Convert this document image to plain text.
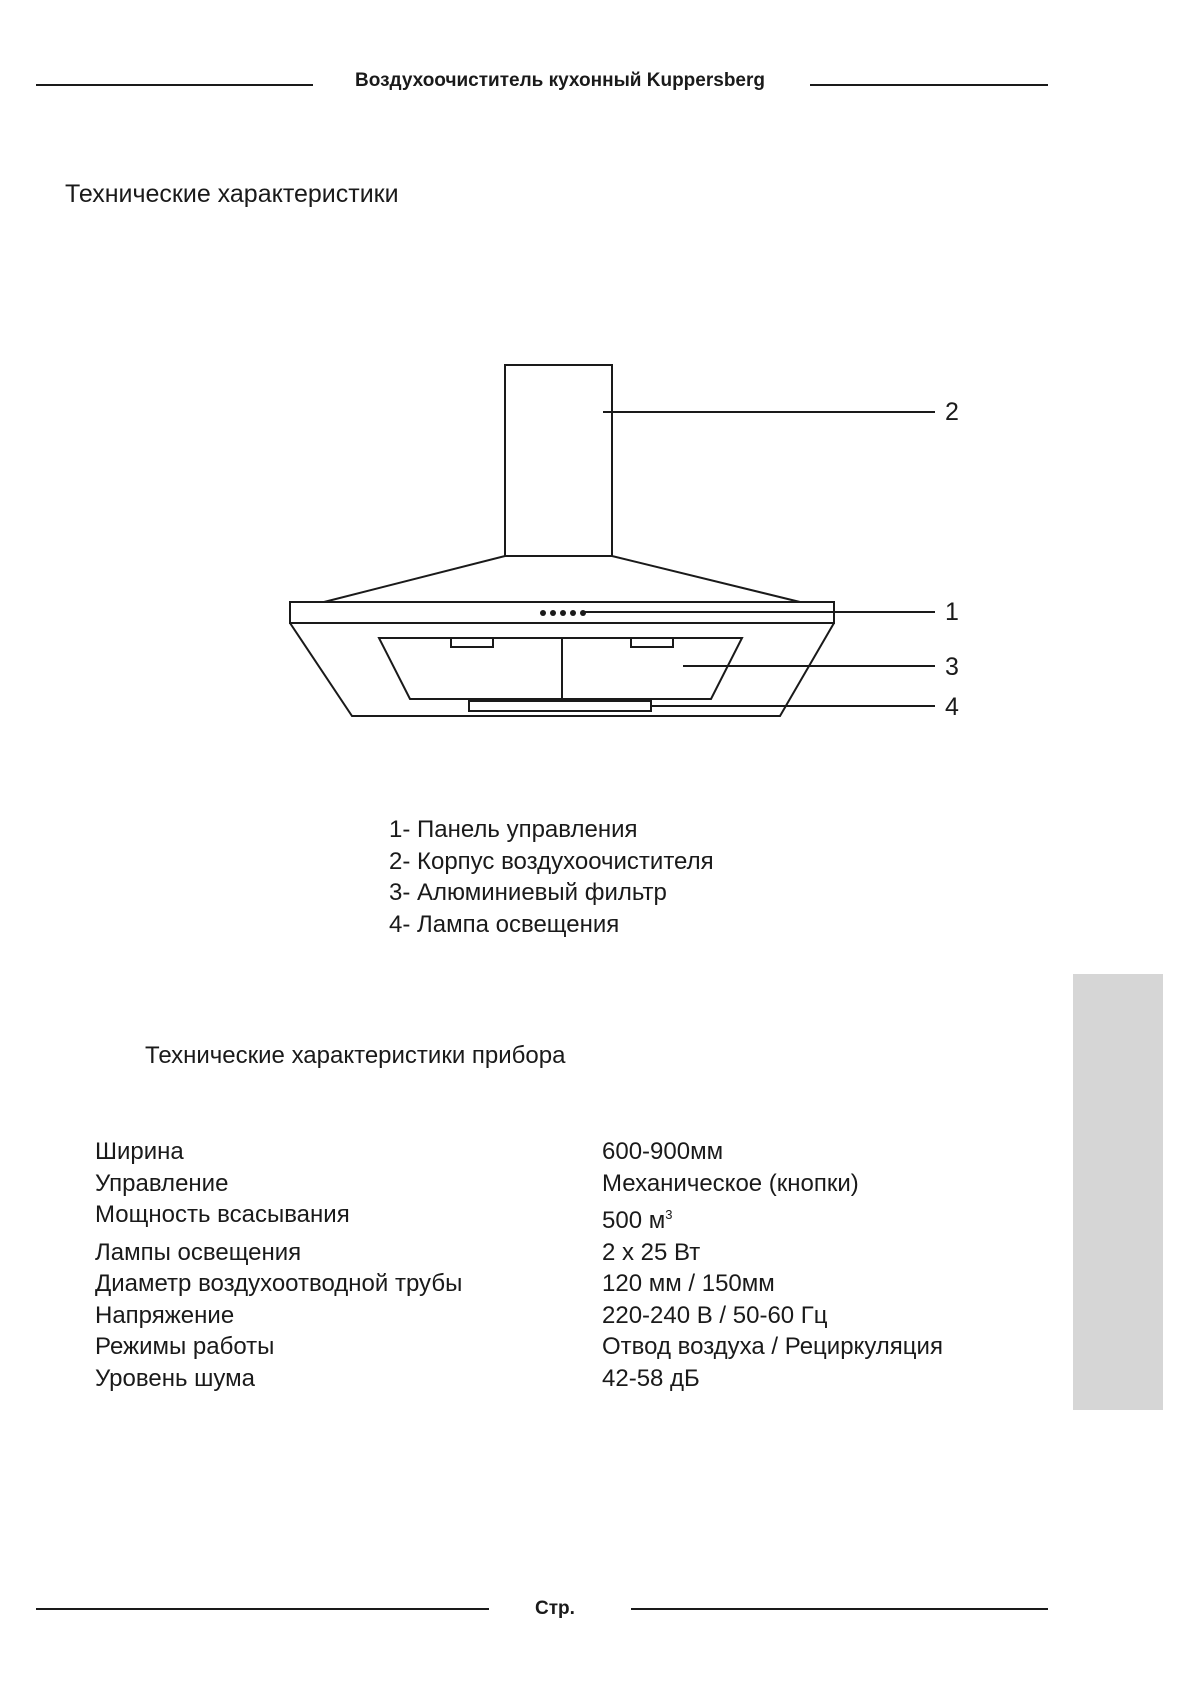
Воздухоочиститель кухонный Kuppersberg
Технические характеристики
2
1
3
4
1- Панель управления
2- Корпус воздухоочистителя
3- Алюминиевый фильтр
4- Лампа освещения
Технические характеристики прибора
Ширина	600-900мм
Управление	Механическое (кнопки)
Мощность всасывания	500 $м^3$
Лампы освещения	2 х 25 Вт
Диаметр воздухоотводной трубы	120 мм / 150мм
Напряжение	220-240 В / 50-60 Гц
Режимы работы	Отвод воздуха / Рециркуляция
Уровень шума	42-58 дБ
Стр.
